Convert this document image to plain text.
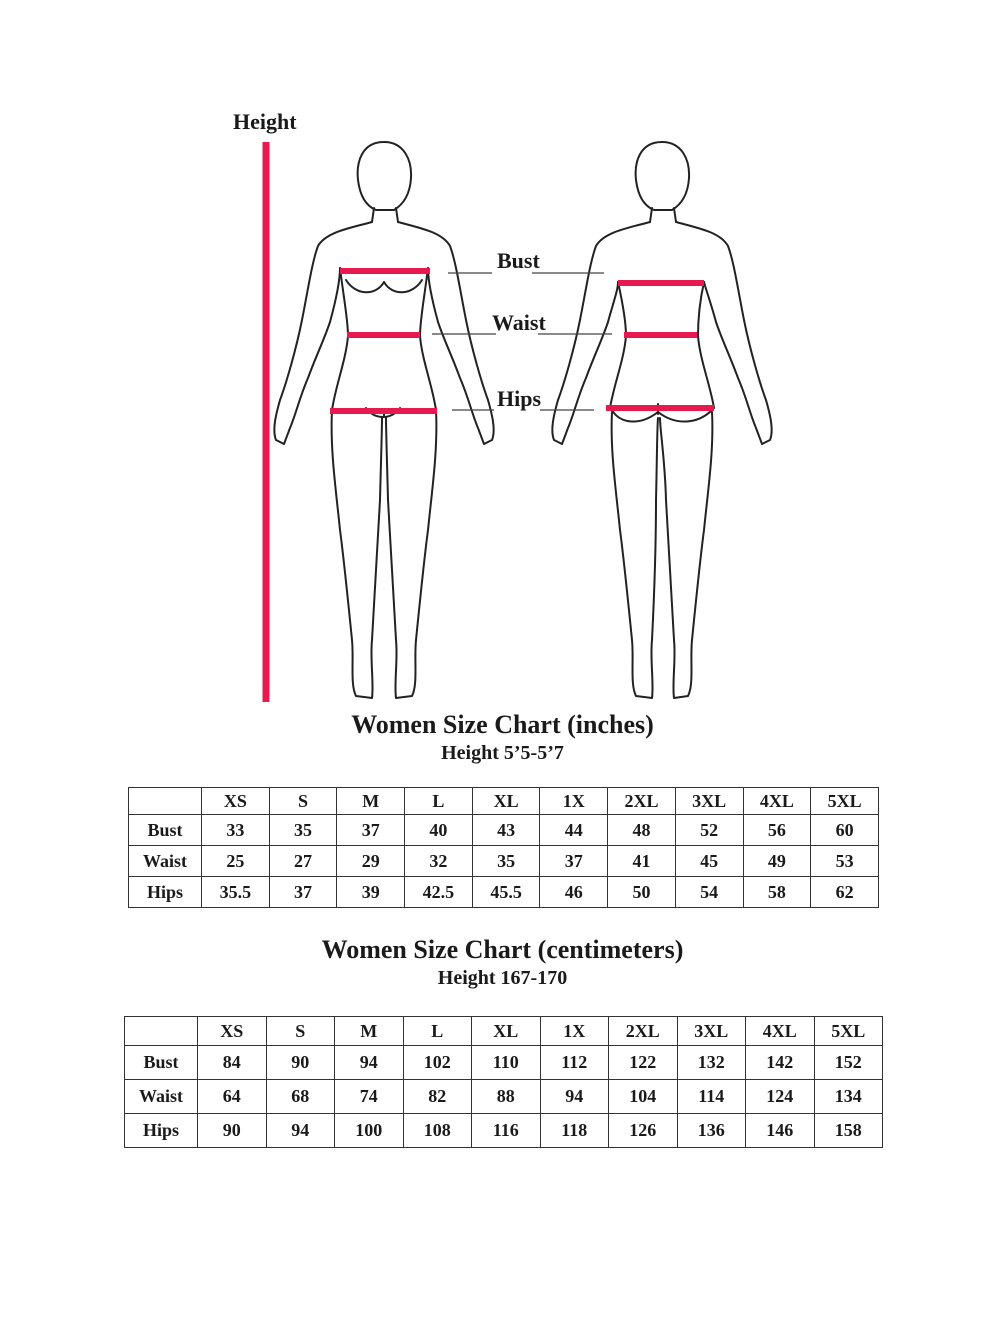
Height
Bust
Waist
Hips
Women Size Chart (inches)
Height 5’5-5’7
	XS	S	M	L	XL	1X	2XL	3XL	4XL	5XL
Bust	33	35	37	40	43	44	48	52	56	60
Waist	25	27	29	32	35	37	41	45	49	53
Hips	35.5	37	39	42.5	45.5	46	50	54	58	62
Women Size Chart (centimeters)
Height 167-170
	XS	S	M	L	XL	1X	2XL	3XL	4XL	5XL
Bust	84	90	94	102	110	112	122	132	142	152
Waist	64	68	74	82	88	94	104	114	124	134
Hips	90	94	100	108	116	118	126	136	146	158
